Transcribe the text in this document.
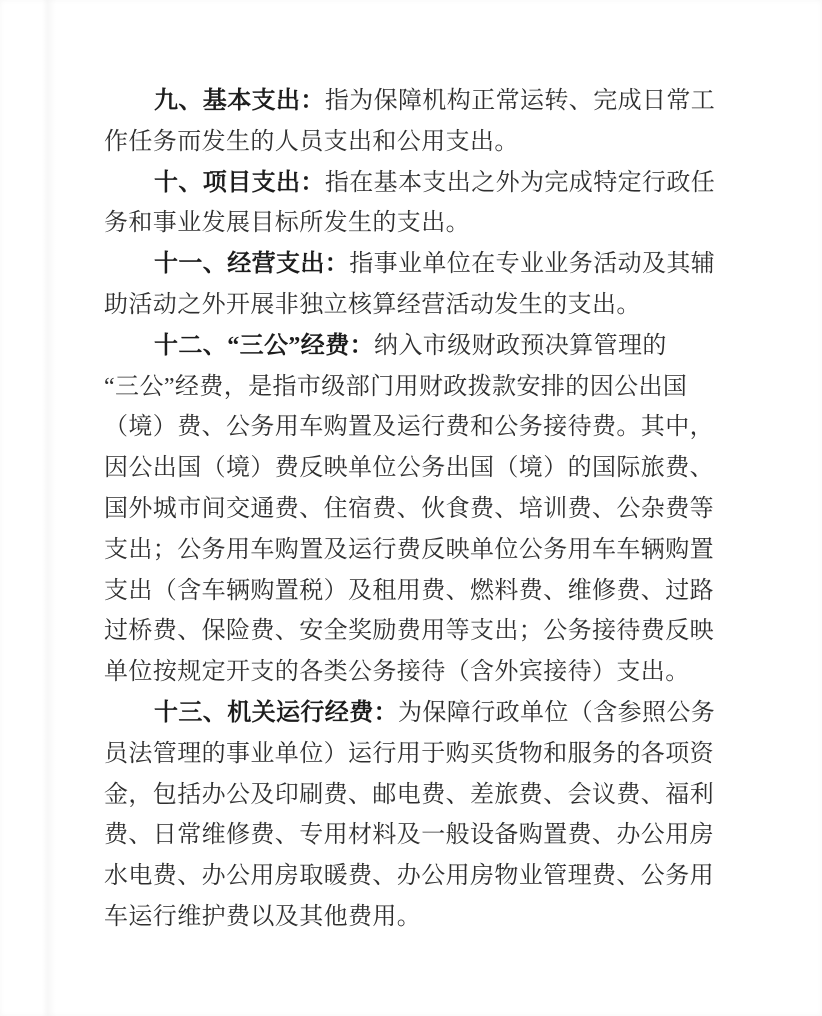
九、基本支出：指为保障机构正常运转、完成日常工
作任务而发生的人员支出和公用支出。
十、项目支出：指在基本支出之外为完成特定行政任
务和事业发展目标所发生的支出。
十一、经营支出：指事业单位在专业业务活动及其辅
助活动之外开展非独立核算经营活动发生的支出。
十二、“三公”经费：纳入市级财政预决算管理的
“三公”经费，是指市级部门用财政拨款安排的因公出国
（境）费、公务用车购置及运行费和公务接待费。其中，
因公出国（境）费反映单位公务出国（境）的国际旅费、
国外城市间交通费、住宿费、伙食费、培训费、公杂费等
支出；公务用车购置及运行费反映单位公务用车车辆购置
支出（含车辆购置税）及租用费、燃料费、维修费、过路
过桥费、保险费、安全奖励费用等支出；公务接待费反映
单位按规定开支的各类公务接待（含外宾接待）支出。
十三、机关运行经费：为保障行政单位（含参照公务
员法管理的事业单位）运行用于购买货物和服务的各项资
金，包括办公及印刷费、邮电费、差旅费、会议费、福利
费、日常维修费、专用材料及一般设备购置费、办公用房
水电费、办公用房取暖费、办公用房物业管理费、公务用
车运行维护费以及其他费用。
